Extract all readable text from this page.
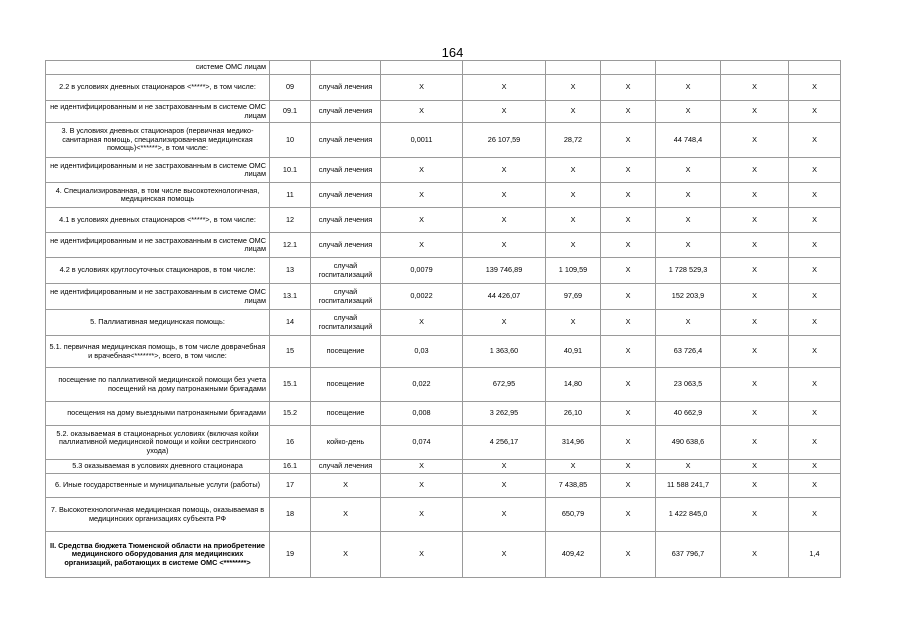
164
системе ОМС лицам									
2.2 в условиях дневных стационаров <*****>, в том числе:	09	случай лечения	Х	Х	Х	Х	Х	Х	Х
не идентифицированным и не застрахованным в системе ОМС лицам	09.1	случай лечения	Х	Х	Х	Х	Х	Х	Х
3. В условиях дневных стационаров (первичная медико-санитарная помощь, специализированная медицинская помощь)<******>, в том числе:	10	случай лечения	0,0011	26 107,59	28,72	Х	44 748,4	Х	Х
не идентифицированным и не застрахованным в системе ОМС лицам	10.1	случай лечения	Х	Х	Х	Х	Х	Х	Х
4. Специализированная, в том числе высокотехнологичная, медицинская помощь	11	случай лечения	Х	Х	Х	Х	Х	Х	Х
4.1 в условиях дневных стационаров <*****>, в том числе:	12	случай лечения	Х	Х	Х	Х	Х	Х	Х
не идентифицированным и не застрахованным в системе ОМС лицам	12.1	случай лечения	Х	Х	Х	Х	Х	Х	Х
4.2 в условиях круглосуточных стационаров, в том числе:	13	случай госпитализаций	0,0079	139 746,89	1 109,59	Х	1 728 529,3	Х	Х
не идентифицированным и не застрахованным в системе ОМС лицам	13.1	случай госпитализаций	0,0022	44 426,07	97,69	Х	152 203,9	Х	Х
5. Паллиативная медицинская помощь:	14	случай госпитализаций	Х	Х	Х	Х	Х	Х	Х
5.1. первичная медицинская помощь, в том числе доврачебная и врачебная<*******>, всего, в том числе:	15	посещение	0,03	1 363,60	40,91	Х	63 726,4	Х	Х
посещение по паллиативной медицинской помощи без учета посещений на дому патронажными бригадами	15.1	посещение	0,022	672,95	14,80	Х	23 063,5	Х	Х
посещения на дому выездными патронажными бригадами	15.2	посещение	0,008	3 262,95	26,10	Х	40 662,9	Х	Х
5.2. оказываемая в стационарных условиях (включая койки паллиативной медицинской помощи и койки сестринского ухода)	16	койко-день	0,074	4 256,17	314,96	Х	490 638,6	Х	Х
5.3 оказываемая в условиях дневного стационара	16.1	случай лечения	Х	Х	Х	Х	Х	Х	Х
6. Иные государственные и муниципальные услуги (работы)	17	Х	Х	Х	7 438,85	Х	11 588 241,7	Х	Х
7. Высокотехнологичная медицинская помощь, оказываемая в медицинских организациях субъекта РФ	18	Х	Х	Х	650,79	Х	1 422 845,0	Х	Х
II. Средства бюджета Тюменской области на приобретение медицинского оборудования для медицинских организаций, работающих в системе ОМС <********>	19	Х	Х	Х	409,42	Х	637 796,7	Х	1,4
